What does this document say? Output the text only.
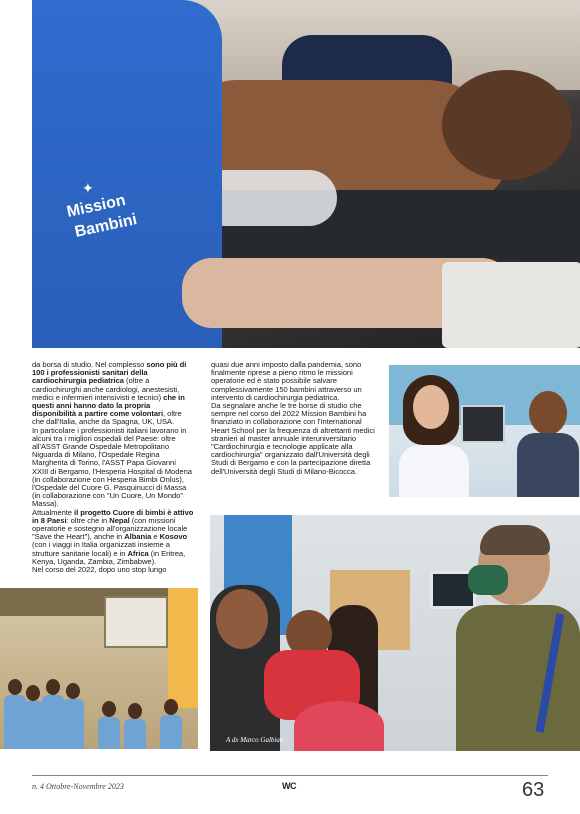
✦
Mission
Bambini

da borsa di studio. Nel complesso sono più di 100 i professionisti sanitari della cardiochirurgia pediatrica (oltre a cardiochirurghi anche cardiologi, anestesisti, medici e infermieri intensivisti e tecnici) che in questi anni hanno dato la propria disponibilità a partire come volontari, oltre che dall'Italia, anche da Spagna, UK, USA.

In particolare i professionisti italiani lavorano in alcuni tra i migliori ospedali del Paese: oltre all'ASST Grande Ospedale Metropolitano Niguarda di Milano, l'Ospedale Regina Margherita di Torino, l'ASST Papa Giovanni XXIII di Bergamo, l'Hesperia Hospital di Modena (in collaborazione con Hesperia Bimbi Onlus), l'Ospedale del Cuore G. Pasquinucci di Massa (in collaborazione con "Un Cuore, Un Mondo" Massa).

Attualmente il progetto Cuore di bimbi è attivo in 8 Paesi: oltre che in Nepal (con missioni operatorie e sostegno all'organizzazione locale "Save the Heart"), anche in Albania e Kosovo (con i viaggi in Italia organizzati insieme a strutture sanitarie locali) e in Africa (in Eritrea, Kenya, Uganda, Zambia, Zimbabwe).

Nel corso del 2022, dopo uno stop lungo

quasi due anni imposto dalla pandemia, sono finalmente riprese a pieno ritmo le missioni operatorie ed è stato possibile salvare complessivamente 150 bambini attraverso un intervento di cardiochirurgia pediatrica.

Da segnalare anche le tre borse di studio che sempre nel corso del 2022 Mission Bambini ha finanziato in collaborazione con l'International Heart School per la frequenza di altrettanti medici stranieri al master annuale interuniversitario "Cardiochirurgia e tecnologie applicate alla cardiochirurgia" organizzato dall'Università degli Studi di Bergamo e con la partecipazione diretta dell'Università degli Studi di Milano-Bicocca.

A dx Marco Galbiati
n. 4 Ottobre-Novembre 2023	WC	63
